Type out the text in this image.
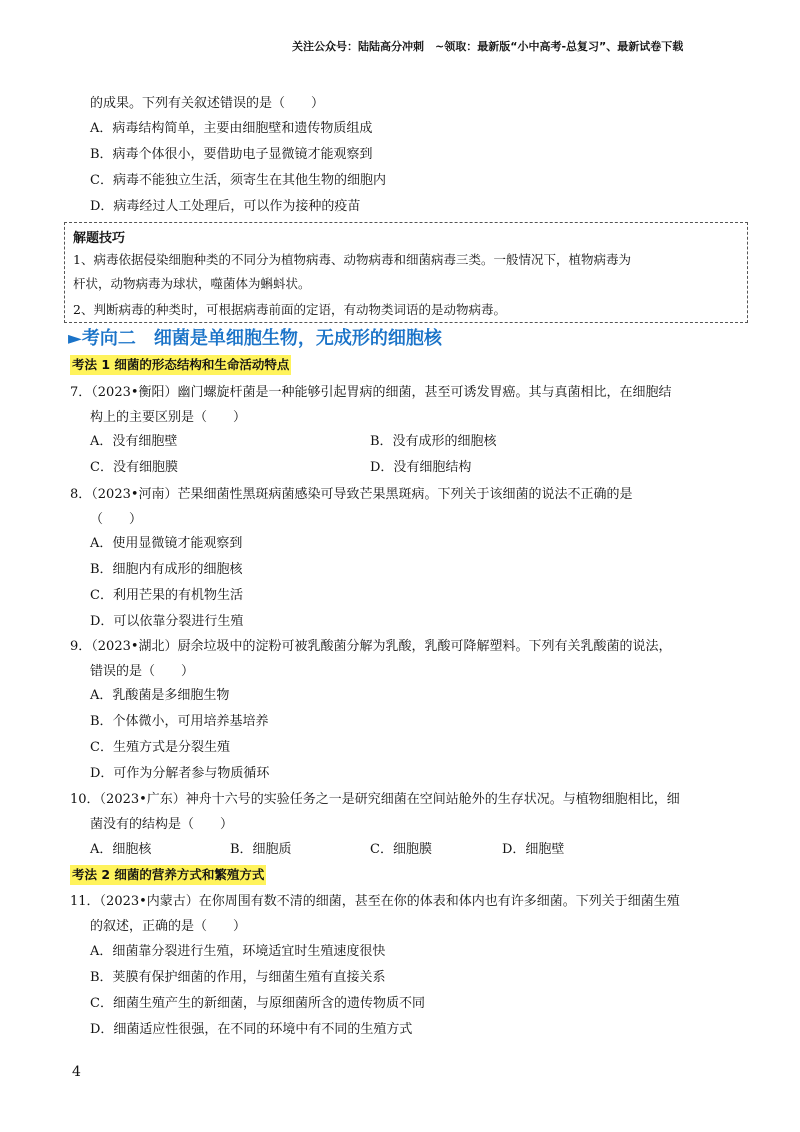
关注公众号：陆陆高分冲刺　~领取：最新版“小中高考-总复习”、最新试卷下载
的成果。下列有关叙述错误的是（　　）
A．病毒结构简单，主要由细胞壁和遗传物质组成
B．病毒个体很小，要借助电子显微镜才能观察到
C．病毒不能独立生活，须寄生在其他生物的细胞内
D．病毒经过人工处理后，可以作为接种的疫苗
解题技巧
1、病毒依据侵染细胞种类的不同分为植物病毒、动物病毒和细菌病毒三类。一般情况下，植物病毒为
杆状，动物病毒为球状，噬菌体为蝌蚪状。
2、判断病毒的种类时，可根据病毒前面的定语，有动物类词语的是动物病毒。
►考向二　细菌是单细胞生物，无成形的细胞核
考法 1 细菌的形态结构和生命活动特点
7．（2023•衡阳）幽门螺旋杆菌是一种能够引起胃病的细菌，甚至可诱发胃癌。其与真菌相比，在细胞结
构上的主要区别是（　　）
A．没有细胞壁	B．没有成形的细胞核
C．没有细胞膜	D．没有细胞结构
8．（2023•河南）芒果细菌性黑斑病菌感染可导致芒果黑斑病。下列关于该细菌的说法不正确的是
（　　）
A．使用显微镜才能观察到
B．细胞内有成形的细胞核
C．利用芒果的有机物生活
D．可以依靠分裂进行生殖
9．（2023•湖北）厨余垃圾中的淀粉可被乳酸菌分解为乳酸，乳酸可降解塑料。下列有关乳酸菌的说法，
错误的是（　　）
A．乳酸菌是多细胞生物
B．个体微小，可用培养基培养
C．生殖方式是分裂生殖
D．可作为分解者参与物质循环
10．（2023•广东）神舟十六号的实验任务之一是研究细菌在空间站舱外的生存状况。与植物细胞相比，细
菌没有的结构是（　　）
A．细胞核	B．细胞质	C．细胞膜	D．细胞壁
考法 2 细菌的营养方式和繁殖方式
11．（2023•内蒙古）在你周围有数不清的细菌，甚至在你的体表和体内也有许多细菌。下列关于细菌生殖
的叙述，正确的是（　　）
A．细菌靠分裂进行生殖，环境适宜时生殖速度很快
B．荚膜有保护细菌的作用，与细菌生殖有直接关系
C．细菌生殖产生的新细菌，与原细菌所含的遗传物质不同
D．细菌适应性很强，在不同的环境中有不同的生殖方式
4
